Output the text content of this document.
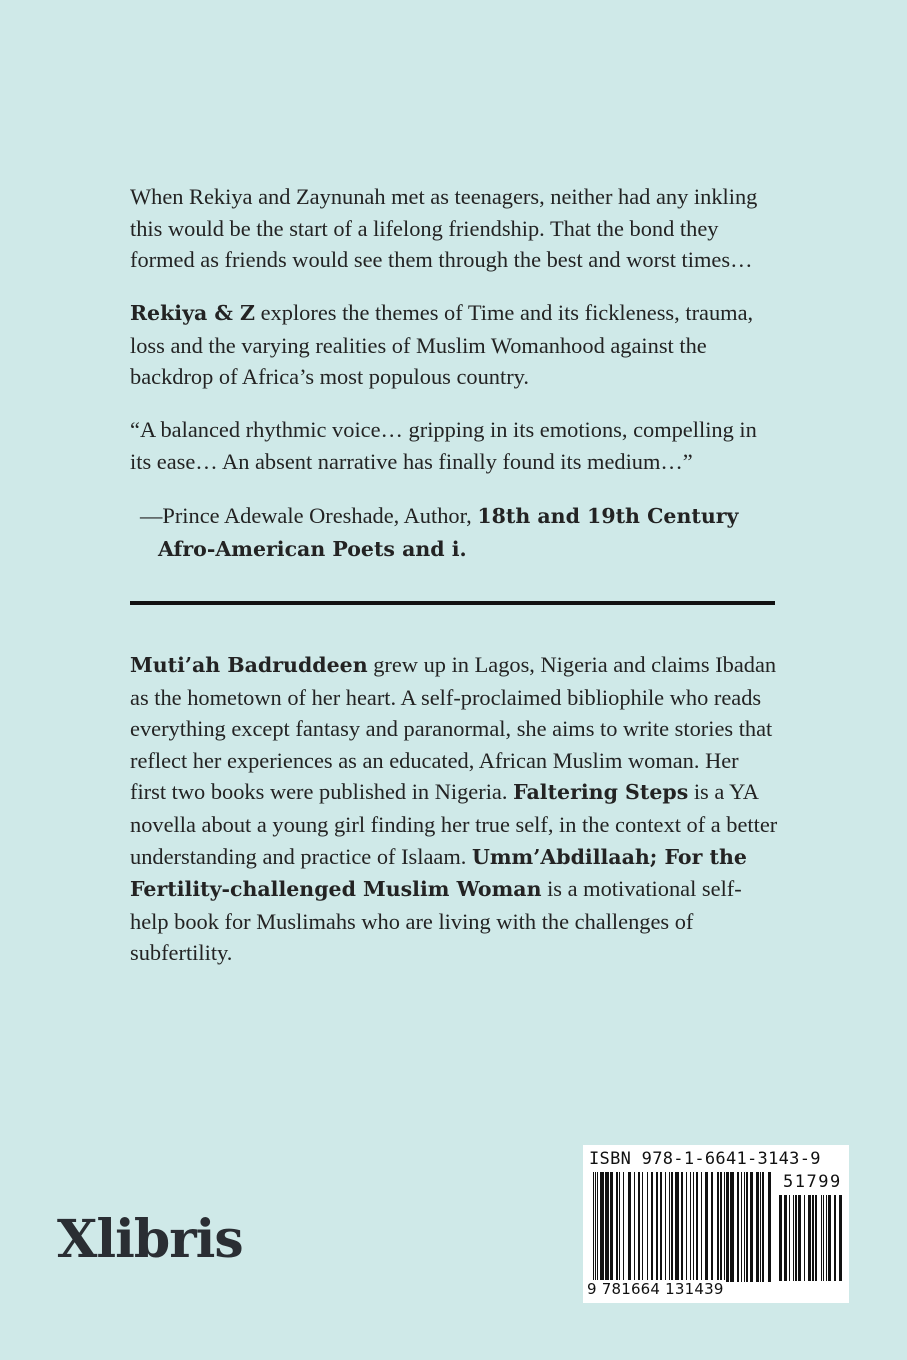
When Rekiya and Zaynunah met as teenagers, neither had any inkling this would be the start of a lifelong friendship. That the bond they formed as friends would see them through the best and worst times…

Rekiya & Z explores the themes of Time and its fickleness, trauma, loss and the varying realities of Muslim Womanhood against the backdrop of Africa’s most populous country.

“A balanced rhythmic voice… gripping in its emotions, compelling in its ease… An absent narrative has finally found its medium…”

—Prince Adewale Oreshade, Author, 18th and 19th Century
Afro-American Poets and i.

Muti’ah Badruddeen grew up in Lagos, Nigeria and claims Ibadan as the hometown of her heart. A self-proclaimed bibliophile who reads everything except fantasy and paranormal, she aims to write stories that reflect her experiences as an educated, African Muslim woman. Her first two books were published in Nigeria. Faltering Steps is a YA novella about a young girl finding her true self, in the context of a better understanding and practice of Islaam. Umm’Abdillaah; For the Fertility-challenged Muslim Woman is a motivational self-help book for Muslimahs who are living with the challenges of subfertility.

Xlibris
ISBN 978-1-6641-3143-9
51799
9 781664 131439
